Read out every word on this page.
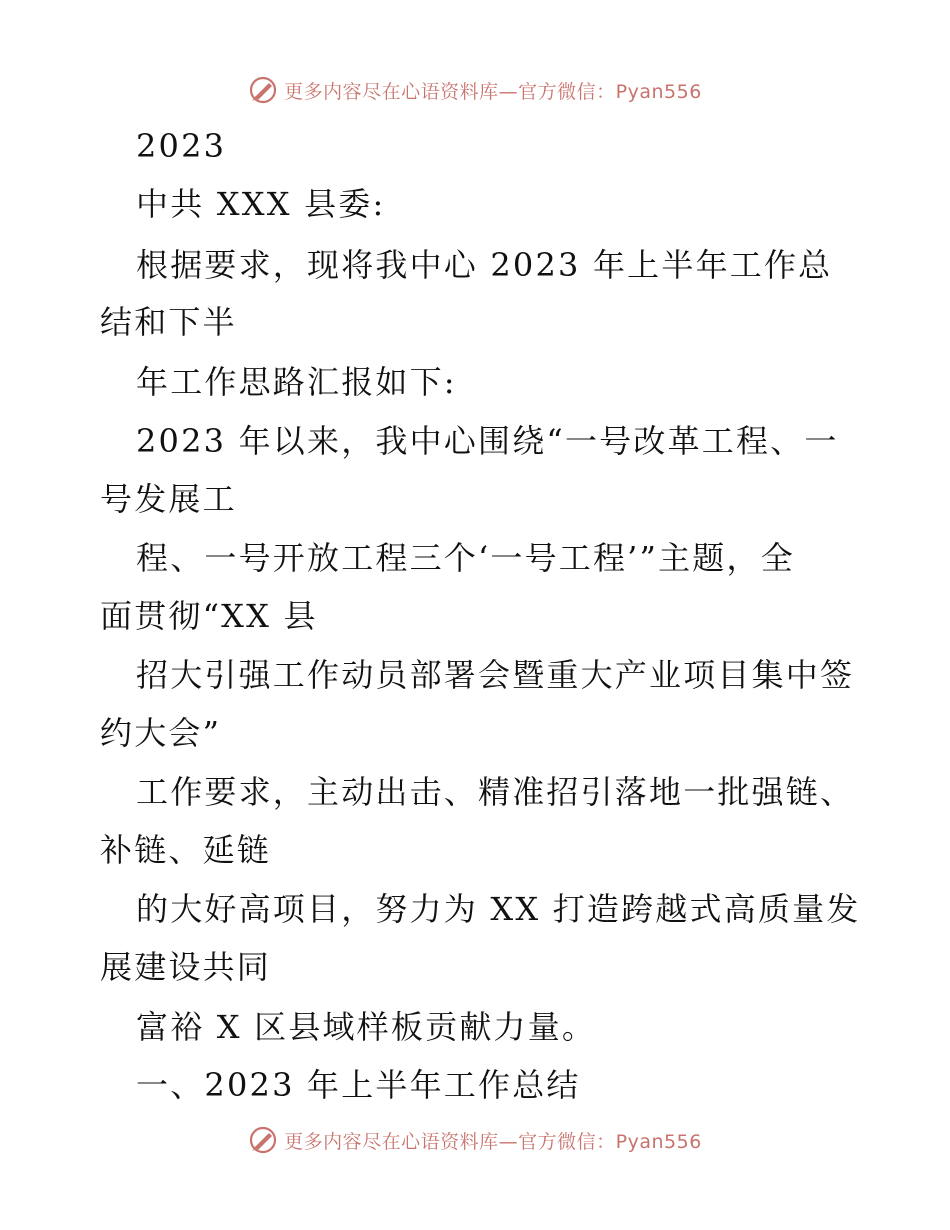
更多内容尽在心语资料库—官方微信：Pyan556
2023
中共 XXX 县委:
根据要求，现将我中心 2023 年上半年工作总
结和下半
年工作思路汇报如下:
2023 年以来，我中心围绕“一号改革工程、一
号发展工
程、一号开放工程三个‘一号工程’”主题，全
面贯彻“XX 县
招大引强工作动员部署会暨重大产业项目集中签
约大会”
工作要求，主动出击、精准招引落地一批强链、
补链、延链
的大好高项目，努力为 XX 打造跨越式高质量发
展建设共同
富裕 X 区县域样板贡献力量。
一、2023 年上半年工作总结
更多内容尽在心语资料库—官方微信：Pyan556
